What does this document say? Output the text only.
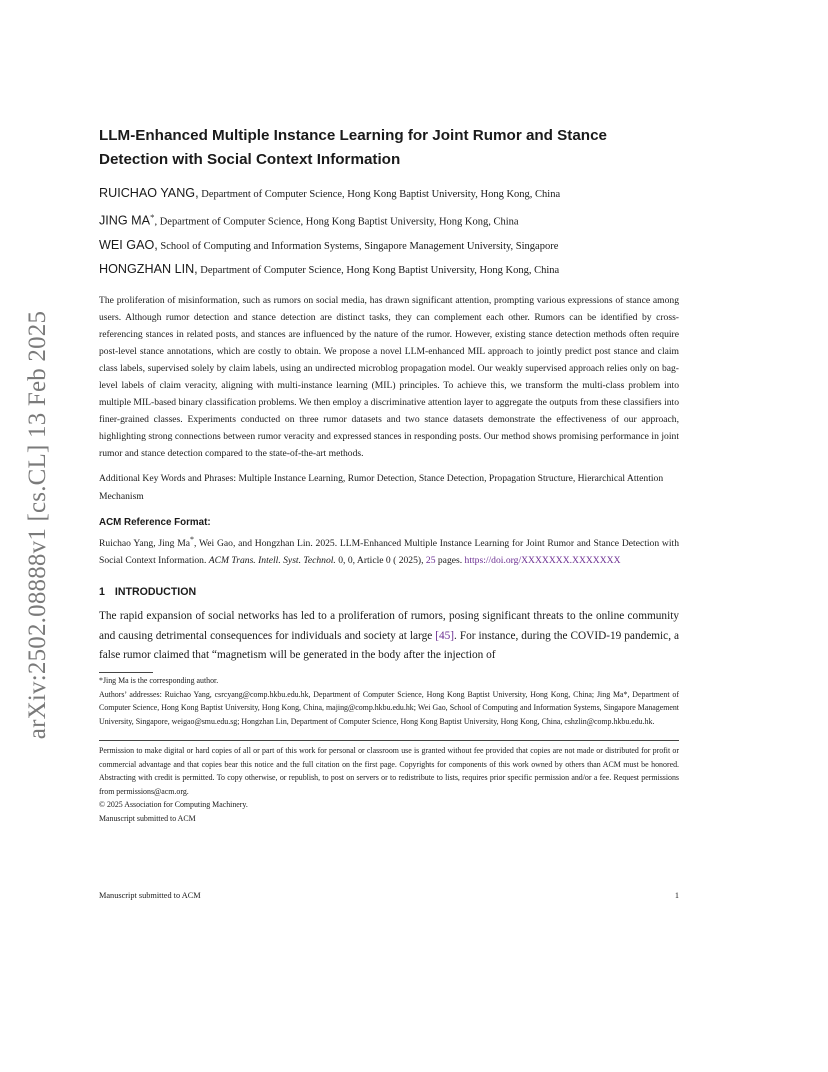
arXiv:2502.08888v1 [cs.CL] 13 Feb 2025
LLM-Enhanced Multiple Instance Learning for Joint Rumor and Stance
Detection with Social Context Information
RUICHAO YANG, Department of Computer Science, Hong Kong Baptist University, Hong Kong, China
JING MA*, Department of Computer Science, Hong Kong Baptist University, Hong Kong, China
WEI GAO, School of Computing and Information Systems, Singapore Management University, Singapore
HONGZHAN LIN, Department of Computer Science, Hong Kong Baptist University, Hong Kong, China

The proliferation of misinformation, such as rumors on social media, has drawn significant attention, prompting various expressions of stance among users. Although rumor detection and stance detection are distinct tasks, they can complement each other. Rumors can be identified by cross-referencing stances in related posts, and stances are influenced by the nature of the rumor. However, existing stance detection methods often require post-level stance annotations, which are costly to obtain. We propose a novel LLM-enhanced MIL approach to jointly predict post stance and claim class labels, supervised solely by claim labels, using an undirected microblog propagation model. Our weakly supervised approach relies only on bag-level labels of claim veracity, aligning with multi-instance learning (MIL) principles. To achieve this, we transform the multi-class problem into multiple MIL-based binary classification problems. We then employ a discriminative attention layer to aggregate the outputs from these classifiers into finer-grained classes. Experiments conducted on three rumor datasets and two stance datasets demonstrate the effectiveness of our approach, highlighting strong connections between rumor veracity and expressed stances in responding posts. Our method shows promising performance in joint rumor and stance detection compared to the state-of-the-art methods.

Additional Key Words and Phrases: Multiple Instance Learning, Rumor Detection, Stance Detection, Propagation Structure, Hierarchical Attention Mechanism

ACM Reference Format:

Ruichao Yang, Jing Ma*, Wei Gao, and Hongzhan Lin. 2025. LLM-Enhanced Multiple Instance Learning for Joint Rumor and Stance Detection with Social Context Information. ACM Trans. Intell. Syst. Technol. 0, 0, Article 0 ( 2025), 25 pages. https://doi.org/XXXXXXX.XXXXXXX

1 INTRODUCTION

The rapid expansion of social networks has led to a proliferation of rumors, posing significant threats to the online community and causing detrimental consequences for individuals and society at large [45]. For instance, during the COVID-19 pandemic, a false rumor claimed that “magnetism will be generated in the body after the injection of

*Jing Ma is the corresponding author.

Authors’ addresses: Ruichao Yang, csrcyang@comp.hkbu.edu.hk, Department of Computer Science, Hong Kong Baptist University, Hong Kong, China; Jing Ma*, Department of Computer Science, Hong Kong Baptist University, Hong Kong, China, majing@comp.hkbu.edu.hk; Wei Gao, School of Computing and Information Systems, Singapore Management University, Singapore, weigao@smu.edu.sg; Hongzhan Lin, Department of Computer Science, Hong Kong Baptist University, Hong Kong, China, cshzlin@comp.hkbu.edu.hk.

Permission to make digital or hard copies of all or part of this work for personal or classroom use is granted without fee provided that copies are not made or distributed for profit or commercial advantage and that copies bear this notice and the full citation on the first page. Copyrights for components of this work owned by others than ACM must be honored. Abstracting with credit is permitted. To copy otherwise, or republish, to post on servers or to redistribute to lists, requires prior specific permission and/or a fee. Request permissions from permissions@acm.org.

© 2025 Association for Computing Machinery.

Manuscript submitted to ACM

Manuscript submitted to ACM	1
